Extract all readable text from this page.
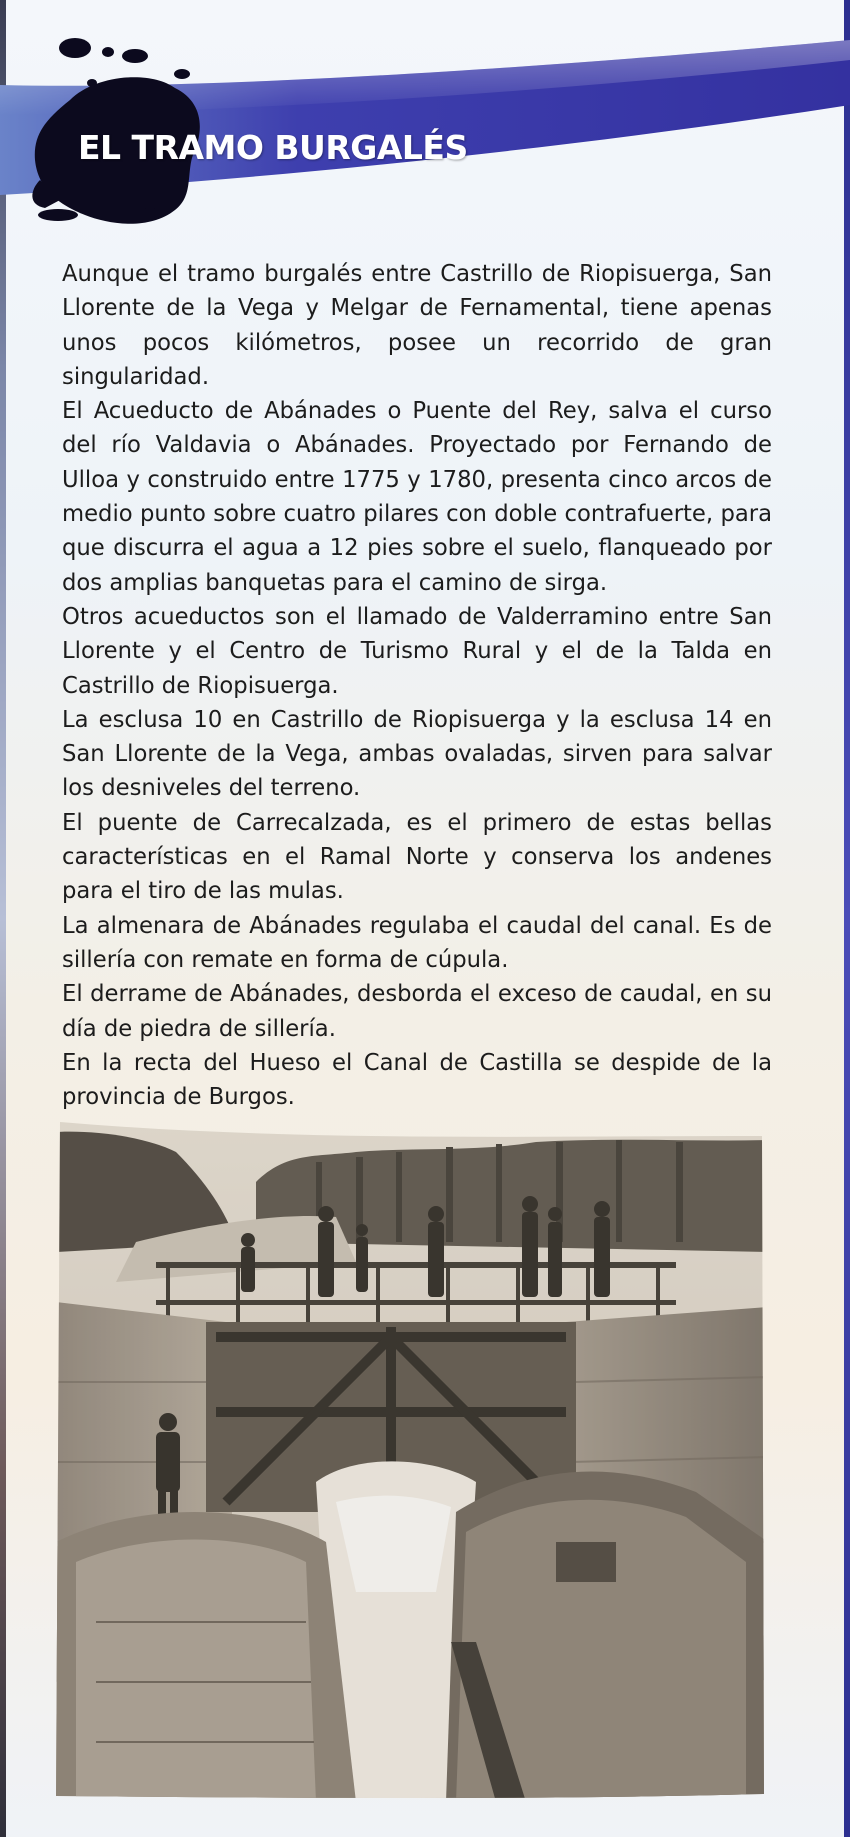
EL TRAMO BURGALÉS

Aunque el tramo burgalés entre Castrillo de Riopisuerga, San Llorente de la Vega y Melgar de Fernamental, tiene apenas unos pocos kilómetros, posee un recorrido de gran singularidad.

El Acueducto de Abánades o Puente del Rey, salva el curso del río Valdavia o Abánades. Proyectado por Fernando de Ulloa y construido entre 1775 y 1780, presenta cinco arcos de medio punto sobre cuatro pilares con doble contrafuerte, para que discurra el agua a 12 pies sobre el suelo, flanqueado por dos amplias banquetas para el camino de sirga.

Otros acueductos son el llamado de Valderramino entre San Llorente y el Centro de Turismo Rural y el de la Talda en Castrillo de Riopisuerga.

La esclusa 10 en Castrillo de Riopisuerga y la esclusa 14 en San Llorente de la Vega, ambas ovaladas, sirven para salvar los desniveles del terreno.

El puente de Carrecalzada, es el primero de estas bellas características en el Ramal Norte y conserva los andenes para el tiro de las mulas.

La almenara de Abánades regulaba el caudal del canal. Es de sillería con remate en forma de cúpula.

El derrame de Abánades, desborda el exceso de caudal, en su día de piedra de sillería.

En la recta del Hueso el Canal de Castilla se despide de la provincia de Burgos.
